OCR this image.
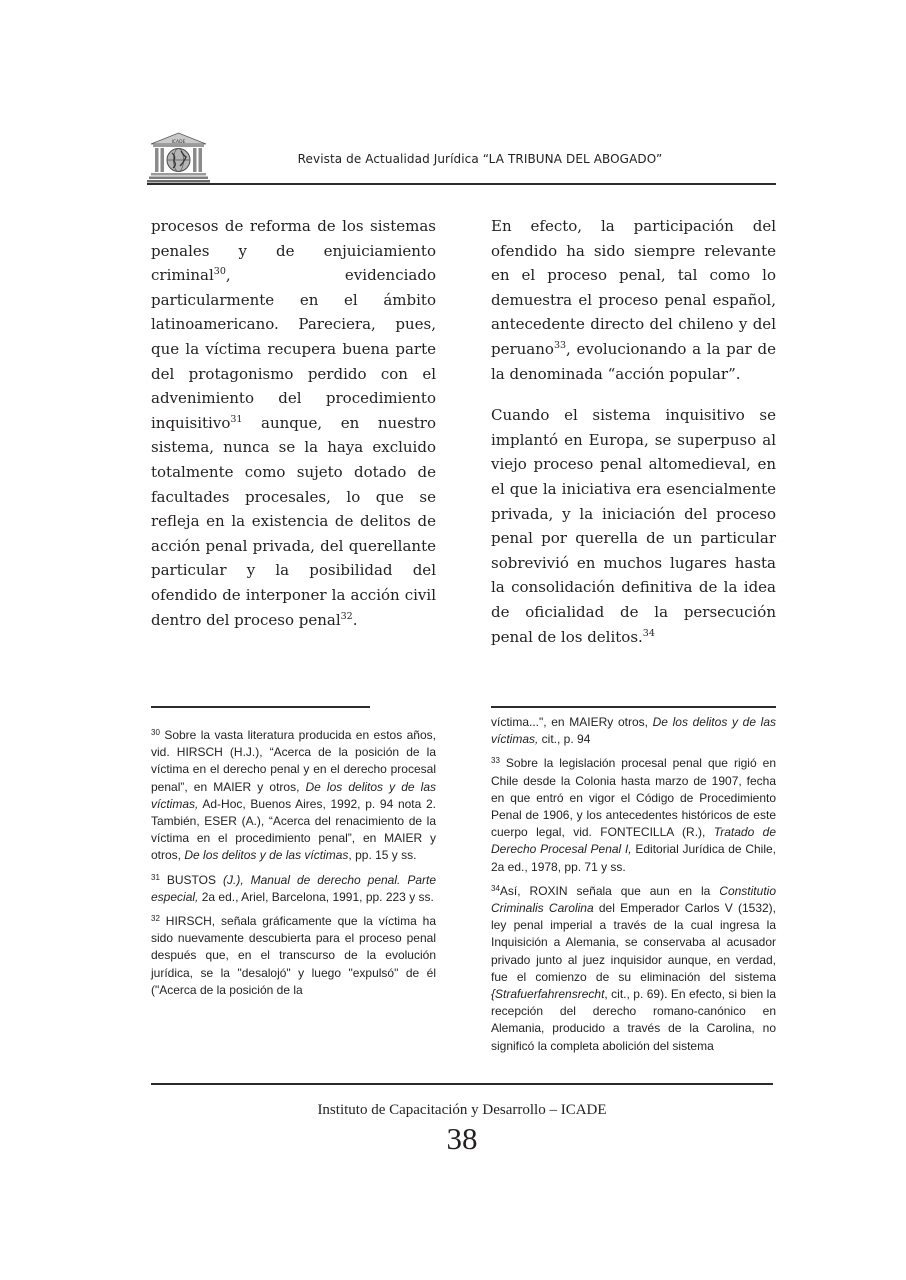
ICADE
Revista de Actualidad Jurídica “LA TRIBUNA DEL ABOGADO”

procesos de reforma de los sistemas penales y de enjuiciamiento criminal$^{30}$, evidenciado particularmente en el ámbito latinoamericano. Pareciera, pues, que la víctima recupera buena parte del protagonismo perdido con el advenimiento del procedimiento inquisitivo$^{31}$ aunque, en nuestro sistema, nunca se la haya excluido totalmente como sujeto dotado de facultades procesales, lo que se refleja en la existencia de delitos de acción penal privada, del querellante particular y la posibilidad del ofendido de interponer la acción civil dentro del proceso penal$^{32}$.

En efecto, la participación del ofendido ha sido siempre relevante en el proceso penal, tal como lo demuestra el proceso penal español, antecedente directo del chileno y del peruano$^{33}$, evolucionando a la par de la denominada “acción popular”.

Cuando el sistema inquisitivo se implantó en Europa, se superpuso al viejo proceso penal altomedieval, en el que la iniciativa era esencialmente privada, y la iniciación del proceso penal por querella de un particular sobrevivió en muchos lugares hasta la consolidación definitiva de la idea de oficialidad de la persecución penal de los delitos.$^{34}$

$^{30}$ Sobre la vasta literatura producida en estos años, vid. HIRSCH (H.J.), “Acerca de la posición de la víctima en el derecho penal y en el derecho procesal penal”, en MAIER y otros, De los delitos y de las víctimas, Ad-Hoc, Buenos Aires, 1992, p. 94 nota 2. También, ESER (A.), “Acerca del renacimiento de la víctima en el procedimiento penal”, en MAIER y otros, De los delitos y de las víctimas, pp. 15 y ss.

$^{31}$ BUSTOS (J.), Manual de derecho penal. Parte especial, 2a ed., Ariel, Barcelona, 1991, pp. 223 y ss.

$^{32}$ HIRSCH, señala gráficamente que la víctima ha sido nuevamente descubierta para el proceso penal después que, en el transcurso de la evolución jurídica, se la "desalojó" y luego "expulsó" de él ("Acerca de la posición de la

víctima...", en MAIERy otros, De los delitos y de las víctimas, cit., p. 94

$^{33}$ Sobre la legislación procesal penal que rigió en Chile desde la Colonia hasta marzo de 1907, fecha en que entró en vigor el Código de Procedimiento Penal de 1906, y los antecedentes históricos de este cuerpo legal, vid. FONTECILLA (R.), Tratado de Derecho Procesal Penal I, Editorial Jurídica de Chile, 2a ed., 1978, pp. 71 y ss.

$^{34}$Así, ROXIN señala que aun en la Constitutio Criminalis Carolina del Emperador Carlos V (1532), ley penal imperial a través de la cual ingresa la Inquisición a Alemania, se conservaba al acusador privado junto al juez inquisidor aunque, en verdad, fue el comienzo de su eliminación del sistema {Strafuerfahrensrecht, cit., p. 69). En efecto, si bien la recepción del derecho romano-canónico en Alemania, producido a través de la Carolina, no significó la completa abolición del sistema

Instituto de Capacitación y Desarrollo – ICADE
38
